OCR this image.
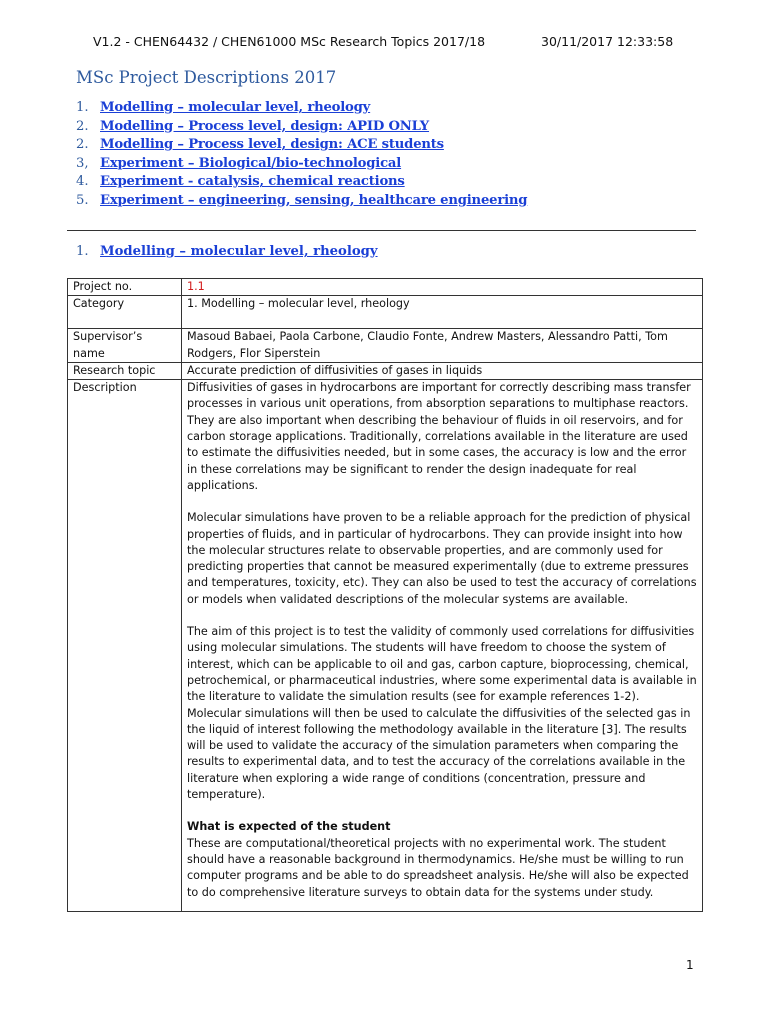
V1.2 - CHEN64432 / CHEN61000 MSc Research Topics 2017/18	30/11/2017 12:33:58
MSc Project Descriptions 2017
1. Modelling – molecular level, rheology
2. Modelling – Process level, design: APID ONLY
2. Modelling – Process level, design: ACE students
3, Experiment – Biological/bio-technological
4. Experiment - catalysis, chemical reactions
5. Experiment – engineering, sensing, healthcare engineering
1. Modelling – molecular level, rheology
Project no.	1.1
Category	1. Modelling – molecular level, rheology
Supervisor’s name	Masoud Babaei, Paola Carbone, Claudio Fonte, Andrew Masters, Alessandro Patti, Tom Rodgers, Flor Siperstein
Research topic	Accurate prediction of diffusivities of gases in liquids
Description	Diffusivities of gases in hydrocarbons are important for correctly describing mass transfer processes in various unit operations, from absorption separations to multiphase reactors. They are also important when describing the behaviour of fluids in oil reservoirs, and for carbon storage applications. Traditionally, correlations available in the literature are used to estimate the diffusivities needed, but in some cases, the accuracy is low and the error in these correlations may be significant to render the design inadequate for real applications.

Molecular simulations have proven to be a reliable approach for the prediction of physical properties of fluids, and in particular of hydrocarbons. They can provide insight into how the molecular structures relate to observable properties, and are commonly used for predicting properties that cannot be measured experimentally (due to extreme pressures and temperatures, toxicity, etc). They can also be used to test the accuracy of correlations or models when validated descriptions of the molecular systems are available.

The aim of this project is to test the validity of commonly used correlations for diffusivities using molecular simulations. The students will have freedom to choose the system of interest, which can be applicable to oil and gas, carbon capture, bioprocessing, chemical, petrochemical, or pharmaceutical industries, where some experimental data is available in the literature to validate the simulation results (see for example references 1-2). Molecular simulations will then be used to calculate the diffusivities of the selected gas in the liquid of interest following the methodology available in the literature [3]. The results will be used to validate the accuracy of the simulation parameters when comparing the results to experimental data, and to test the accuracy of the correlations available in the literature when exploring a wide range of conditions (concentration, pressure and temperature).

What is expected of the student

These are computational/theoretical projects with no experimental work. The student should have a reasonable background in thermodynamics. He/she must be willing to run computer programs and be able to do spreadsheet analysis. He/she will also be expected to do comprehensive literature surveys to obtain data for the systems under study.

1
